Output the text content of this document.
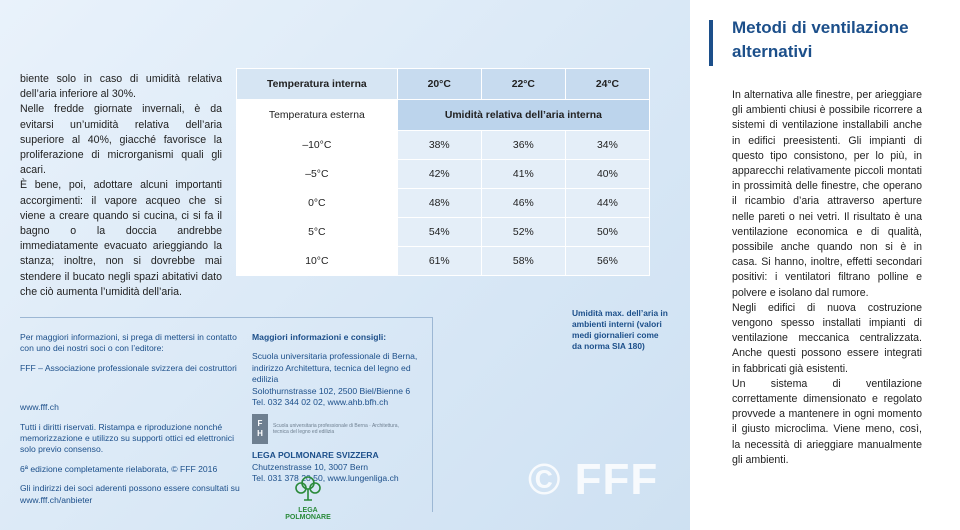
biente solo in caso di umidità relativa dell’aria inferiore al 30%.

Nelle fredde giornate invernali, è da evitarsi un’umidità relativa dell’aria superiore al 40%, giacché favorisce la proliferazione di microrganismi quali gli acari.

È bene, poi, adottare alcuni importanti accorgimenti: il vapore acqueo che si viene a creare quando si cucina, ci si fa il bagno o la doccia andrebbe immediatamente evacuato arieggiando la stanza; inoltre, non si dovrebbe mai stendere il bucato negli spazi abitativi dato che ciò aumenta l’umidità dell’aria.

Temperatura interna	20°C	22°C	24°C
Temperatura esterna	Umidità relativa dell’aria interna		
–10°C	38%	36%	34%
–5°C	42%	41%	40%
0°C	48%	46%	44%
5°C	54%	52%	50%
10°C	61%	58%	56%
Umidità max. dell’aria in ambienti interni (valori medi giornalieri come da norma SIA 180)

Per maggiori informazioni, si prega di mettersi in contatto con uno dei nostri soci o con l’editore:

FFF – Associazione professionale svizzera dei costruttori

www.fff.ch

Tutti i diritti riservati. Ristampa e riproduzione nonché memorizzazione e utilizzo su supporti ottici ed elettronici solo previo consenso.

6ª edizione completamente rielaborata, © FFF 2016

Gli indirizzi dei soci aderenti possono essere consultati su www.fff.ch/anbieter

Maggiori informazioni e consigli:

Scuola universitaria professionale di Berna, indirizzo Architettura, tecnica del legno ed edilizia

Solothurnstrasse 102, 2500 Biel/Bienne 6

Tel. 032 344 02 02, www.ahb.bfh.ch

F
H
Scuola universitaria professionale di Berna · Architettura, tecnica del legno ed edilizia

LEGA POLMONARE SVIZZERA

Chutzenstrasse 10, 3007 Bern

Tel. 031 378 20 50, www.lungenliga.ch

LEGA POLMONARE
© FFF
Metodi di ventilazione alternativi

In alternativa alle finestre, per arieggiare gli ambienti chiusi è possibile ricorrere a sistemi di ventilazione installabili anche in edifici preesistenti. Gli impianti di questo tipo consistono, per lo più, in apparecchi relativamente piccoli montati in prossimità delle finestre, che operano il ricambio d’aria attraverso aperture nelle pareti o nei vetri. Il risultato è una ventilazione economica e di qualità, possibile anche quando non si è in casa. Si hanno, inoltre, effetti secondari positivi: i ventilatori filtrano polline e polvere e isolano dal rumore.

Negli edifici di nuova costruzione vengono spesso installati impianti di ventilazione meccanica centralizzata. Anche questi possono essere integrati in fabbricati già esistenti.

Un sistema di ventilazione correttamente dimensionato e regolato provvede a mantenere in ogni momento il giusto microclima. Viene meno, così, la necessità di arieggiare manualmente gli ambienti.
